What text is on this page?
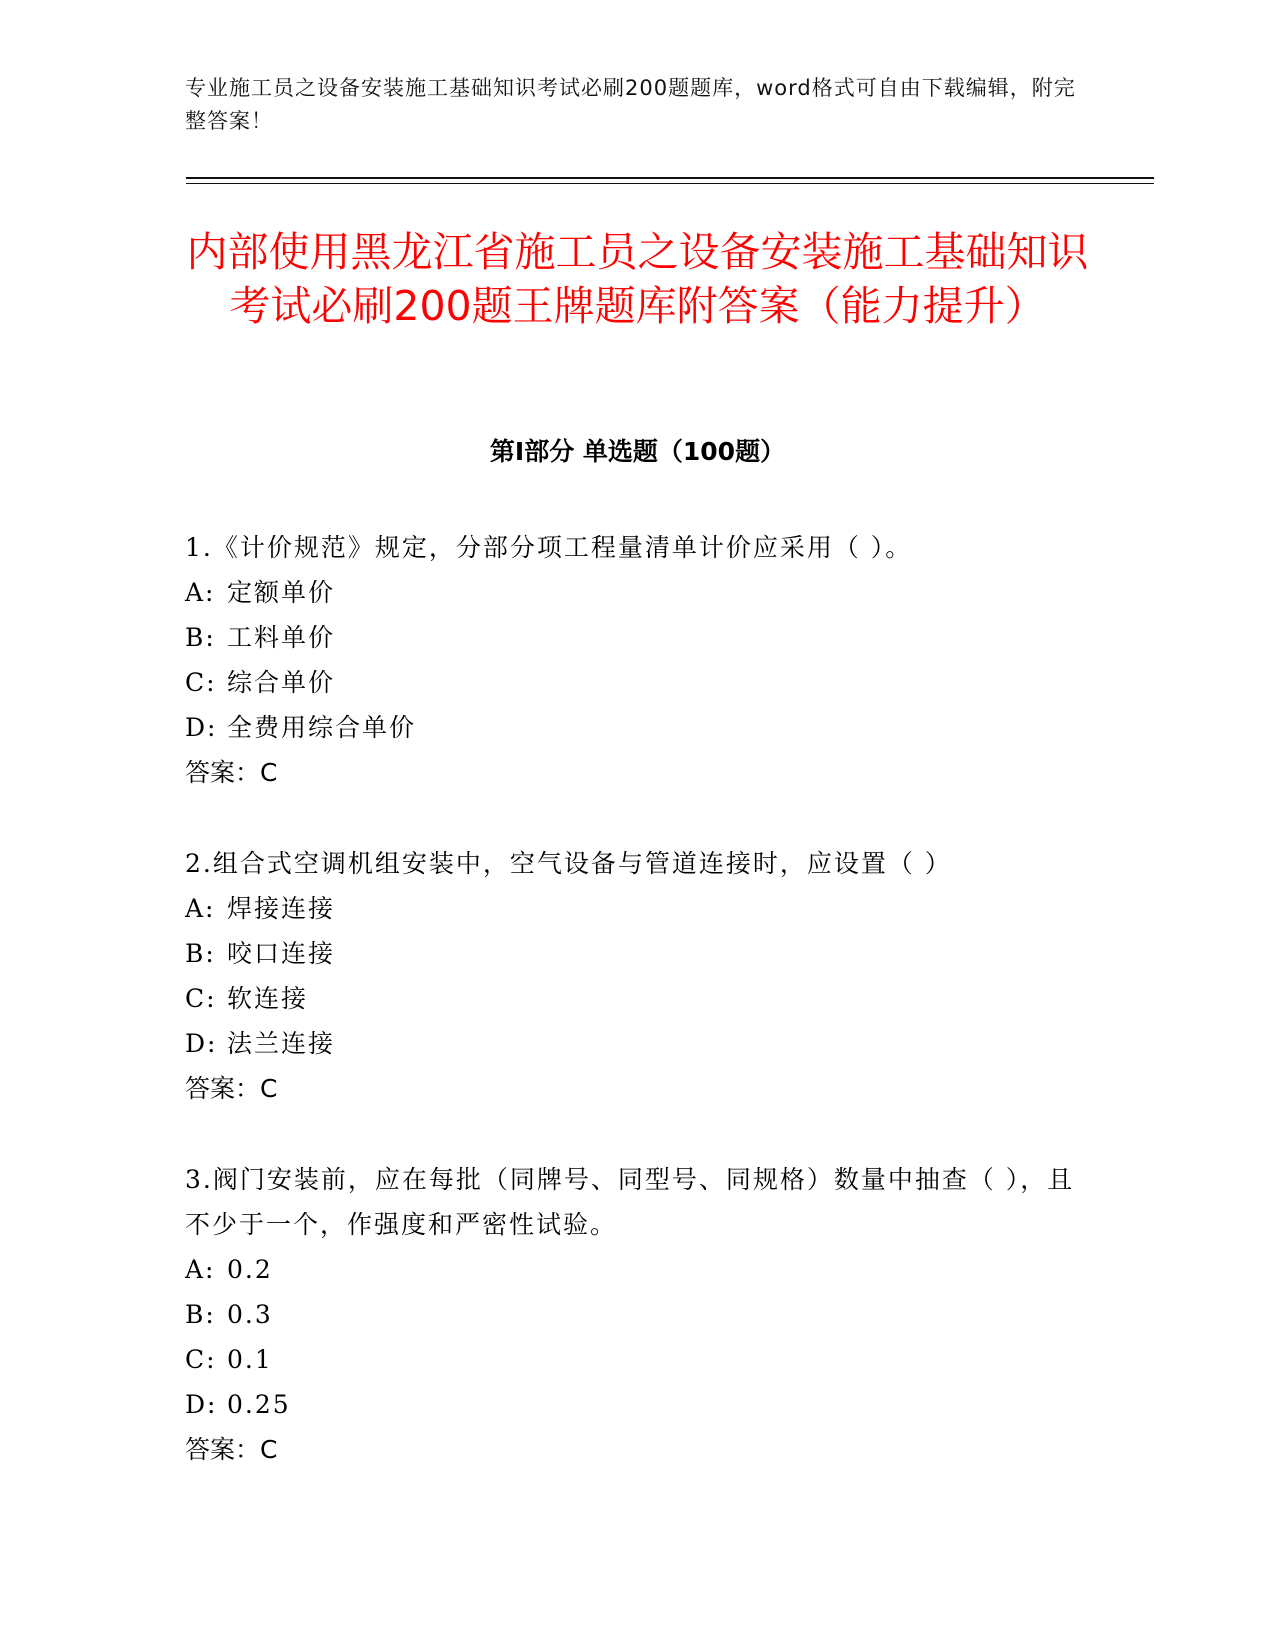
专业施工员之设备安装施工基础知识考试必刷200题题库，word格式可自由下载编辑，附完整答案！
内部使用黑龙江省施工员之设备安装施工基础知识考试必刷200题王牌题库附答案（能力提升）
第I部分 单选题（100题）

1.《计价规范》规定，分部分项工程量清单计价应采用（ ）。

A: 定额单价

B: 工料单价

C: 综合单价

D: 全费用综合单价

答案：C

2.组合式空调机组安装中，空气设备与管道连接时，应设置（ ）

A: 焊接连接

B: 咬口连接

C: 软连接

D: 法兰连接

答案：C

3.阀门安装前，应在每批（同牌号、同型号、同规格）数量中抽查（ ），且不少于一个，作强度和严密性试验。

A: 0.2

B: 0.3

C: 0.1

D: 0.25

答案：C
